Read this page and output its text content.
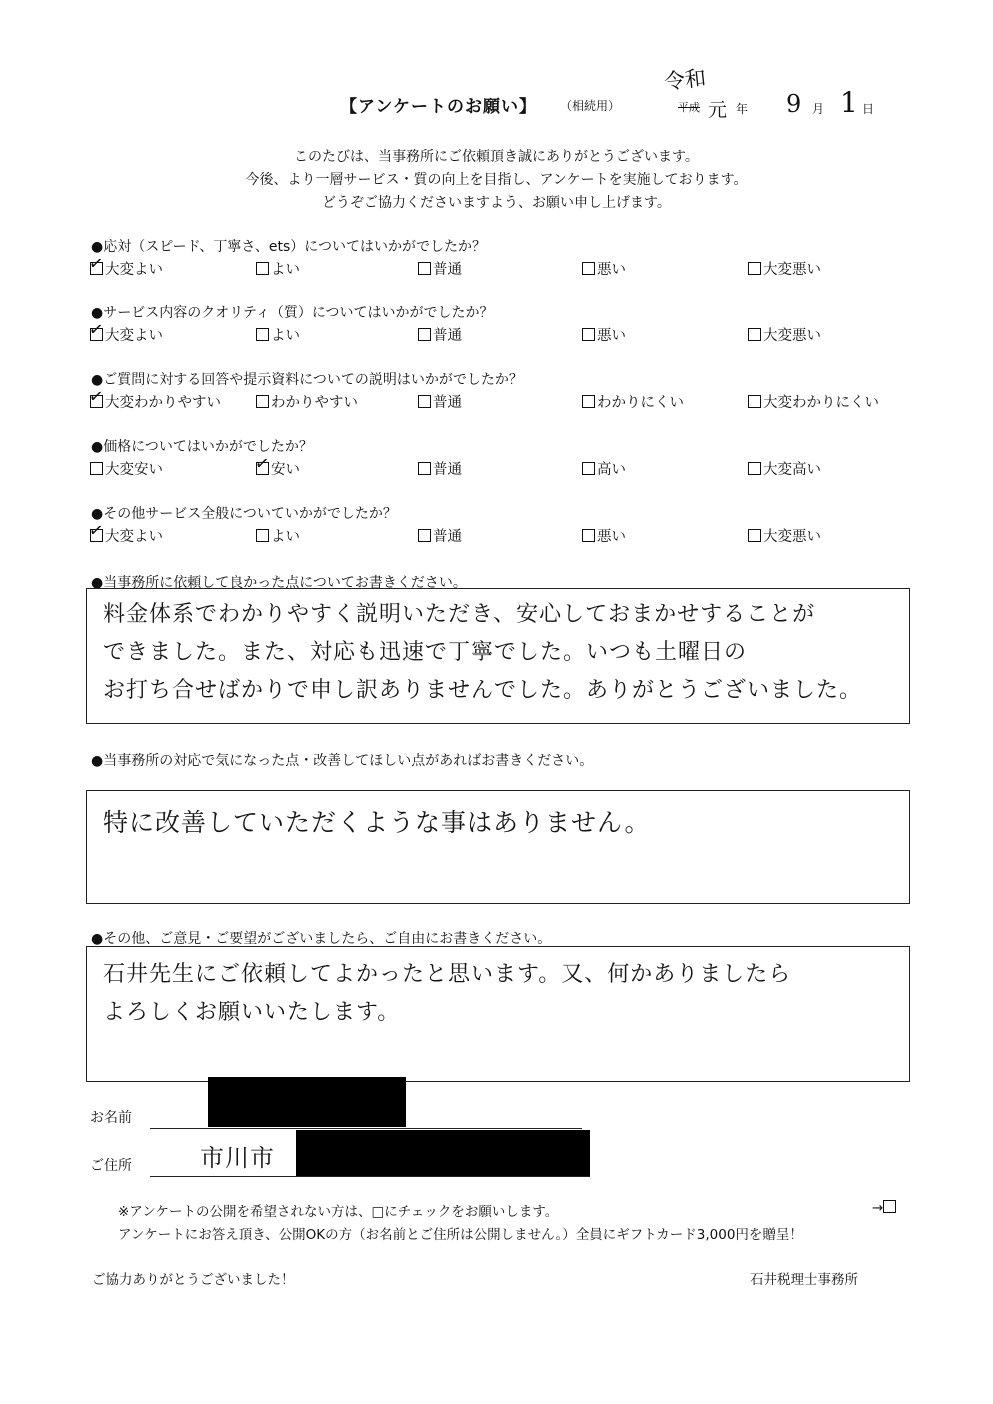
【アンケートのお願い】 （相続用）	平成
令和
元 年 9 月 1 日
このたびは、当事務所にご依頼頂き誠にありがとうございます。
今後、より一層サービス・質の向上を目指し、アンケートを実施しております。
どうぞご協力くださいますよう、お願い申し上げます。
●応対（スピード、丁寧さ、ets）についてはいかがでしたか？
✓ 大変よい	よい	普通	悪い	大変悪い
●サービス内容のクオリティ（質）についてはいかがでしたか？
✓ 大変よい	よい	普通	悪い	大変悪い
●ご質問に対する回答や提示資料についての説明はいかがでしたか？
✓ 大変わかりやすい	わかりやすい	普通	わかりにくい	大変わかりにくい
●価格についてはいかがでしたか？
大変安い	✓ 安い	普通	高い	大変高い
●その他サービス全般についていかがでしたか？
✓ 大変よい	よい	普通	悪い	大変悪い
●当事務所に依頼して良かった点についてお書きください。
料金体系でわかりやすく説明いただき、安心しておまかせすることが
できました。また、対応も迅速で丁寧でした。いつも土曜日の
お打ち合せばかりで申し訳ありませんでした。ありがとうございました。
●当事務所の対応で気になった点・改善してほしい点があればお書きください。
特に改善していただくような事はありません。
●その他、ご意見・ご要望がございましたら、ご自由にお書きください。
石井先生にご依頼してよかったと思います。又、何かありましたら
よろしくお願いいたします。
お名前
ご住所	市川市
※アンケートの公開を希望されない方は、□にチェックをお願いします。	→
アンケートにお答え頂き、公開OKの方（お名前とご住所は公開しません。）全員にギフトカード3,000円を贈呈！
ご協力ありがとうございました！	石井税理士事務所
